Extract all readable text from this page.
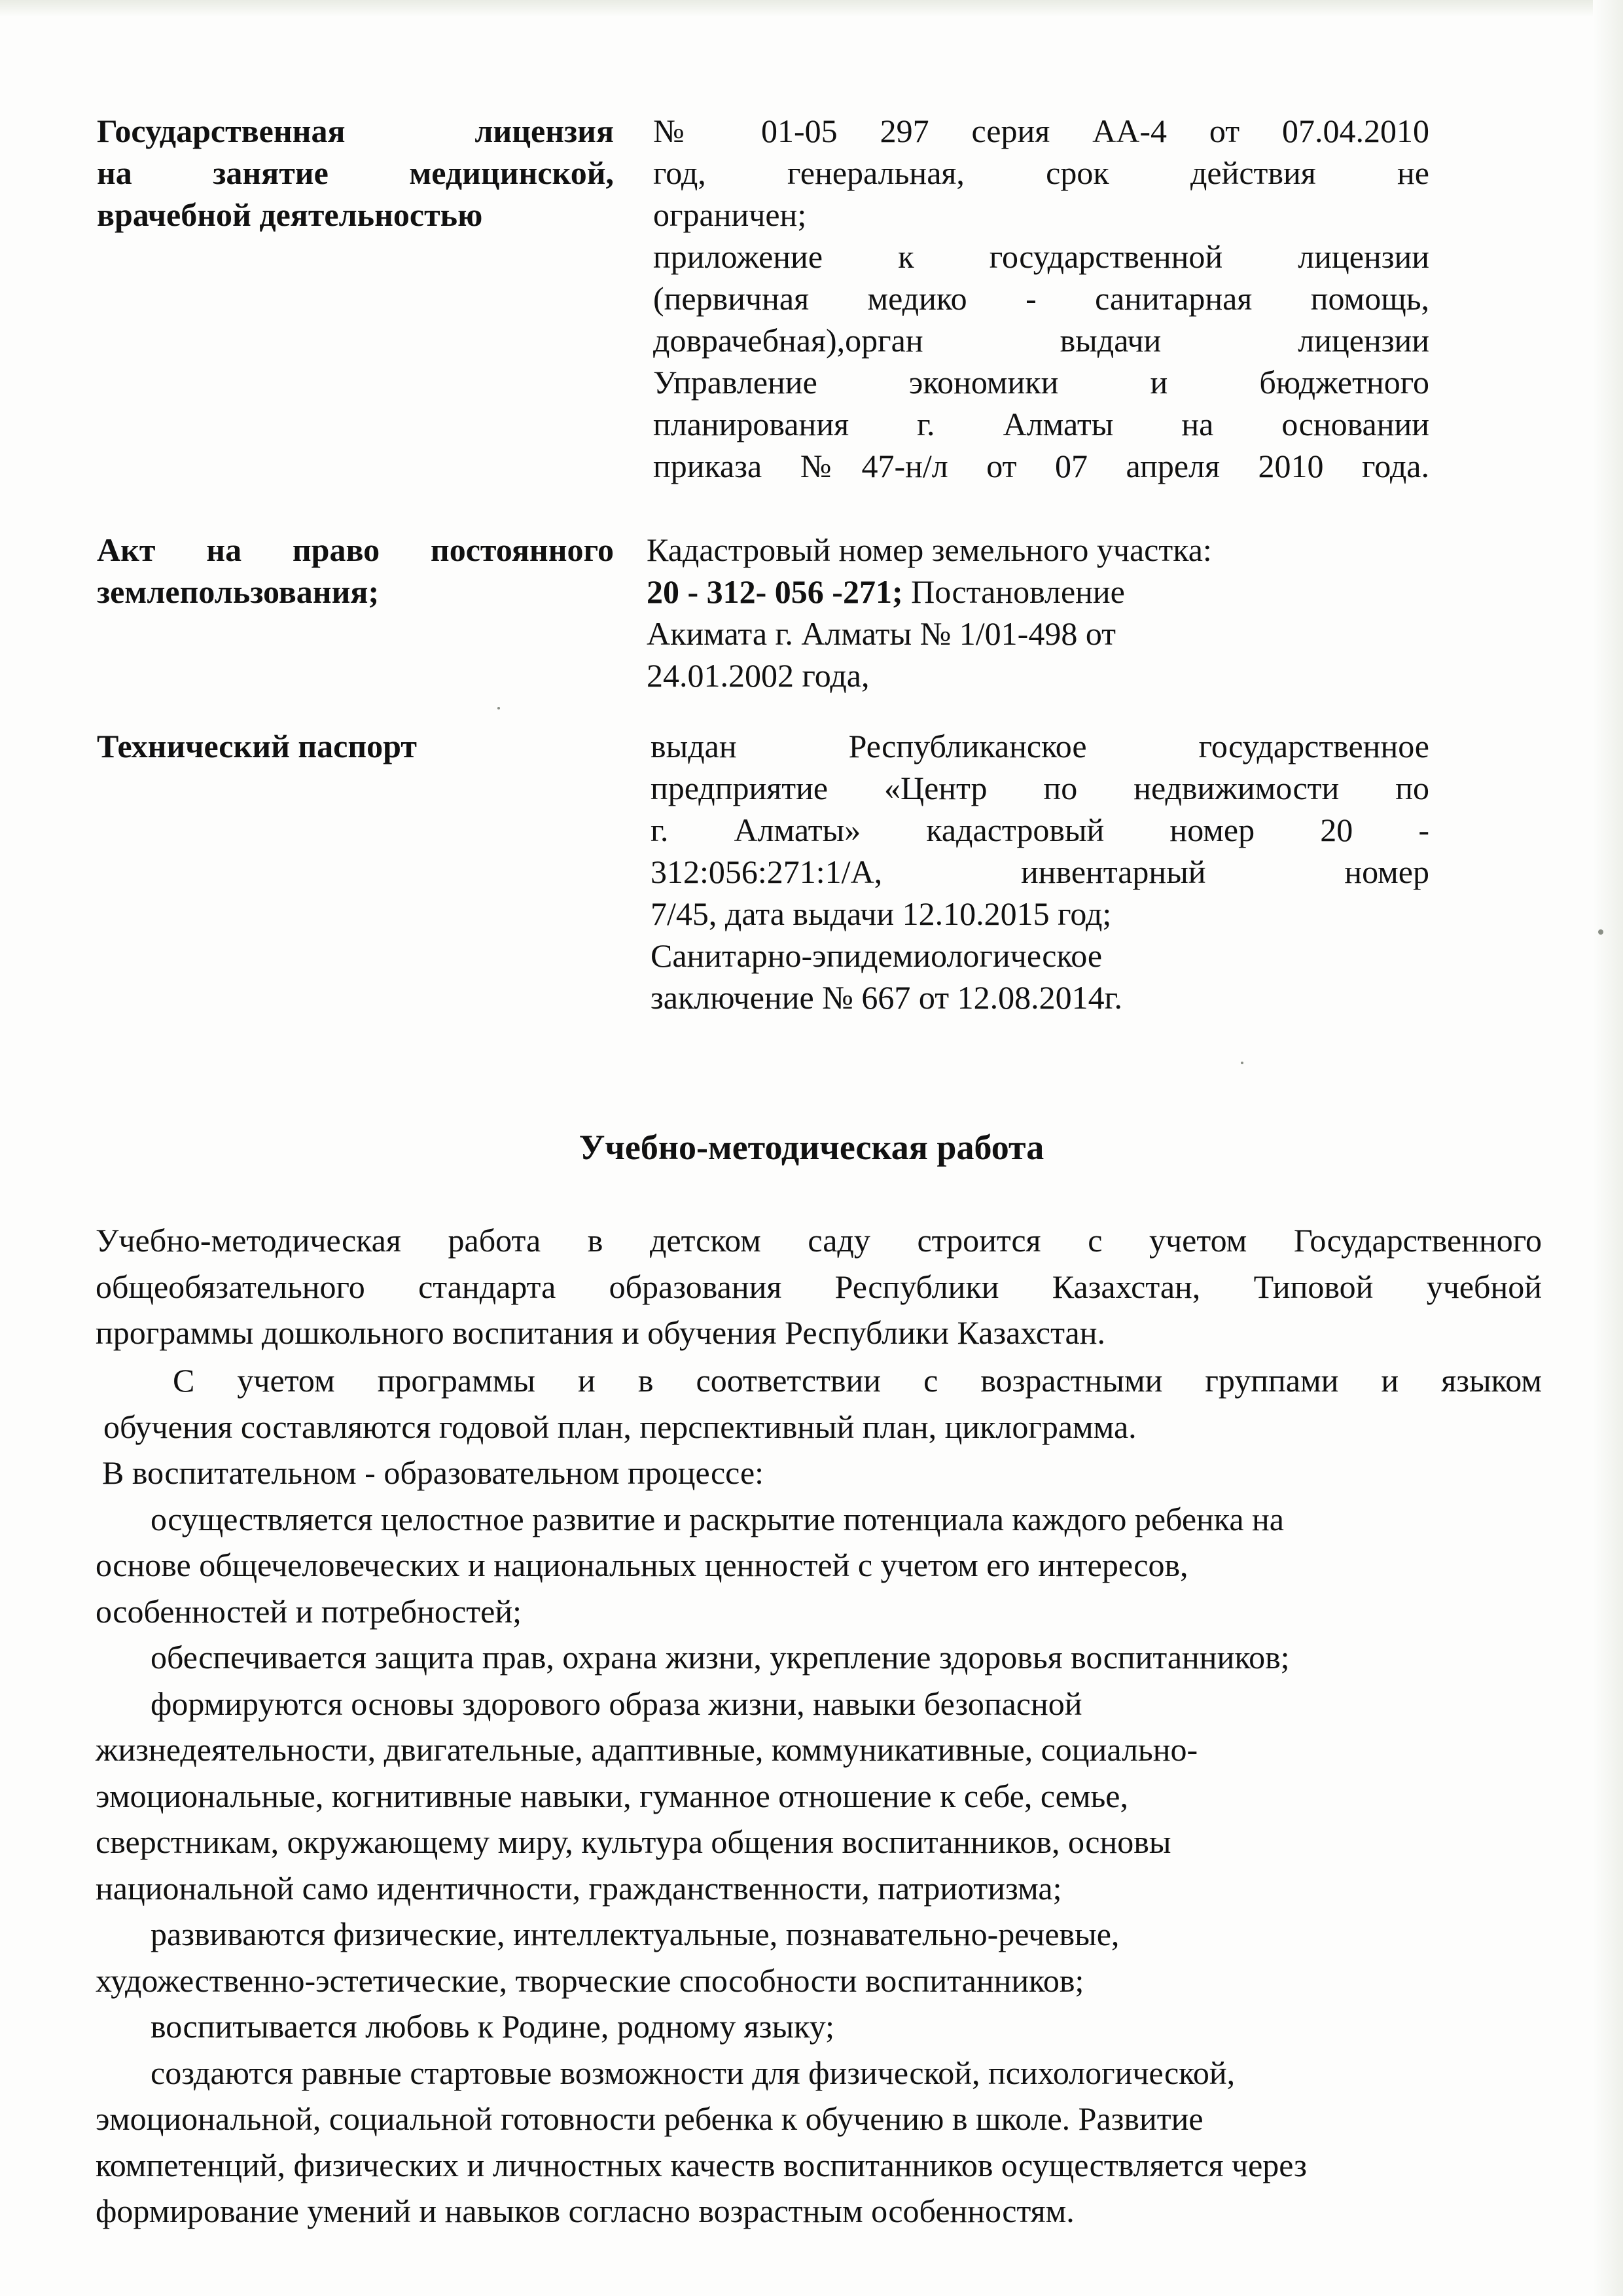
Государственная лицензия
на занятие медицинской,
врачебной деятельностью
№ 01-05 297 серия АА-4 от 07.04.2010
год, генеральная, срок действия не
ограничен;
приложение к государственной лицензии
(первичная медико - санитарная помощь,
доврачебная),орган выдачи лицензии
Управление экономики и бюджетного
планирования г. Алматы на основании
приказа №47-н/л от 07 апреля 2010 года.
Акт на право постоянного
землепользования;
Кадастровый номер земельного участка:
20 - 312- 056 -271; Постановление
Акимата г. Алматы № 1/01-498 от
24.01.2002 года,
Технический паспорт	выдан Республиканское государственное
предприятие «Центр по недвижимости по
г. Алматы» кадастровый номер 20 -
312:056:271:1/А, инвентарный номер
7/45, дата выдачи 12.10.2015 год;
Санитарно-эпидемиологическое
заключение № 667 от 12.08.2014г.
Учебно-методическая работа
Учебно-методическая работа в детском саду строится с учетом Государственного
общеобязательного стандарта образования Республики Казахстан, Типовой учебной
программы дошкольного воспитания и обучения Республики Казахстан.
С учетом программы и в соответствии с возрастными группами и языком
обучения составляются годовой план, перспективный план, циклограмма.
В воспитательном - образовательном процессе:
осуществляется целостное развитие и раскрытие потенциала каждого ребенка на
основе общечеловеческих и национальных ценностей с учетом его интересов,
особенностей и потребностей;
обеспечивается защита прав, охрана жизни, укрепление здоровья воспитанников;
формируются основы здорового образа жизни, навыки безопасной
жизнедеятельности, двигательные, адаптивные, коммуникативные, социально-
эмоциональные, когнитивные навыки, гуманное отношение к себе, семье,
сверстникам, окружающему миру, культура общения воспитанников, основы
национальной само идентичности, гражданственности, патриотизма;
развиваются физические, интеллектуальные, познавательно-речевые,
художественно-эстетические, творческие способности воспитанников;
воспитывается любовь к Родине, родному языку;
создаются равные стартовые возможности для физической, психологической,
эмоциональной, социальной готовности ребенка к обучению в школе. Развитие
компетенций, физических и личностных качеств воспитанников осуществляется через
формирование умений и навыков согласно возрастным особенностям.
